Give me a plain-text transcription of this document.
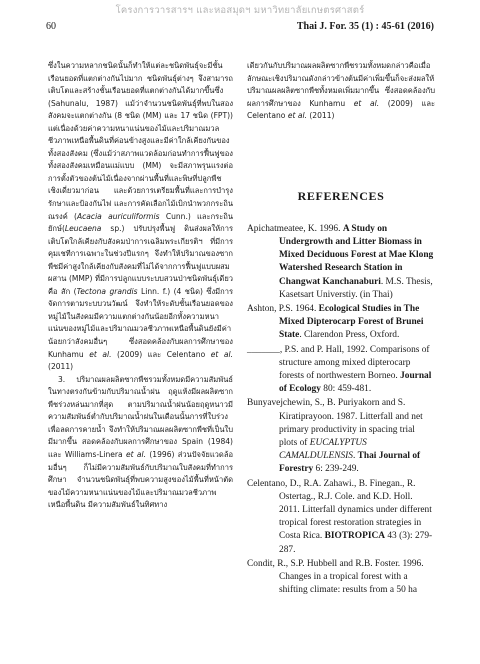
โครงการวารสารฯ และหอสมุดฯ มหาวิทยาลัยเกษตรศาสตร์
60	Thai J. For. 35 (1) : 45-61 (2016)

ซึ่งในความหลากชนิดนั้นก็ทำให้แต่ละชนิดพันธุ์จะมีชั้นเรือนยอดที่แตกต่างกันไปมาก ชนิดพันธุ์ต่างๆ จึงสามารถเติบโตและสร้างชั้นเรือนยอดที่แตกต่างกันได้มากขึ้นซึ่ง (Sahunalu, 1987) แม้ว่าจำนวนชนิดพันธุ์ที่พบในสองสังคมจะแตกต่างกัน (8 ชนิด (MM) และ 17 ชนิด (FPT)) แต่เนื่องด้วยค่าความหนาแน่นของไม้และปริมาณมวลชีวภาพเหนือพื้นดินที่ค่อนข้างสูงและมีค่าใกล้เคียงกันของทั้งสองสังคม (ซึ่งแม้ว่าสภาพแวดล้อมก่อนทำการฟื้นฟูของทั้งสองสังคมเหมือนแม่แบบ (MM) จะมีสภาพรุนแรงต่อการตั้งตัวของต้นไม้เนื่องจากผ่านพื้นที่และพิษที่ปลูกพืชเชิงเดี่ยวมาก่อน และด้วยการเตรียมพื้นที่และการบำรุงรักษาและป้องกันไฟ และการคัดเลือกไม้เบิกนำพวกกระถินณรงค์ (Acacia auriculiformis Cunn.) และกระถินยักษ์(Leucaena sp.) ปรับปรุงพื้นฟู ดินส่งผลให้การเติบโตใกล้เคียงกับสังคมป่าการเฉลิมพระเกียรติฯ ที่มีการคุมเชทีการเฉพาะในช่วงปีแรกๆ จึงทำให้ปริมาณของซากพืชมีค่าสูงใกล้เคียงกับสังคมที่ไม่ได้จากการฟื้นฟูแบบผสมผสาน (MMP) ที่มีการปลูกแบบระบบสวนป่าชนิดพันธุ์เดียว คือ สัก (Tectona grandis Linn. f.) (4 ชนิด) ซึ่งมีการจัดการตามระบบวนวัฒน์ จึงทำให้ระดับชั้นเรือนยอดของหมู่ไม้ในสังคมมีความแตกต่างกันน้อยอีกทั้งความหนาแน่นของหมู่ไม้และปริมาณมวลชีวภาพเหนือพื้นดินยังมีค่าน้อยกว่าสังคมอื่นๆ ซึ่งสอดคล้องกับผลการศึกษาของ Kunhamu et al. (2009) และ Celentano et al. (2011)

3. ปริมาณผลผลิตซากพืชรวมทั้งหมดมีความสัมพันธ์ในทางตรงกันข้ามกับปริมาณน้ำฝน ฤดูแห้งมีผลผลิตซากพืชร่วงหล่นมากที่สุด ตามปริมาณน้ำฝนน้อยฤดูหนาวมีความสัมพันธ์ต่ำกับปริมาณน้ำฝนในเดือนนั้นการที่ใบร่วงเพื่อลดการคายน้ำ จึงทำให้ปริมาณผลผลิตซากพืชที่เป็นใบมีมากขึ้น สอดคล้องกับผลการศึกษาของ Spain (1984) และ Williams-Linera et al. (1996) ส่วนปัจจัยแวดล้อมอื่นๆ ก็ไม่มีความสัมพันธ์กับปริมาณใบสังคมที่ทำการศึกษา จำนวนชนิดพันธุ์ที่พบความสูงของไม้พื้นที่หน้าตัดของไม้ความหนาแน่นของไม้และปริมาณมวลชีวภาพเหนือพื้นดิน มีความสัมพันธ์ในทิศทาง

เดียวกันกับปริมาณผลผลิตซากพืชรวมทั้งหมดกล่าวคือเมื่อลักษณะเชิงปริมาณดังกล่าวข้างต้นมีค่าเพิ่มขึ้นก็จะส่งผลให้ปริมาณผลผลิตซากพืชทั้งหมดเพิ่มมากขึ้น ซึ่งสอดคล้องกับผลการศึกษาของ Kunhamu et al. (2009) และ Celentano et al. (2011)

REFERENCES

Apichatmeatee, K. 1996. A Study on Undergrowth and Litter Biomass in Mixed Deciduous Forest at Mae Klong Watershed Research Station in Changwat Kanchanaburi. M.S. Thesis, Kasetsart Universtiy. (in Thai)

Ashton, P.S. 1964. Ecological Studies in The Mixed Dipterocarp Forest of Brunei State. Clarendon Press, Oxford.

_______, P.S. and P. Hall, 1992. Comparisons of structure among mixed dipterocarp forests of northwestern Borneo. Journal of Ecology 80: 459-481.

Bunyavejchewin, S., B. Puriyakorn and S. Kiratiprayoon. 1987. Litterfall and net primary productivity in spacing trial plots of EUCALYPTUS CAMALDULENSIS. Thai Journal of Forestry 6: 239-249.

Celentano, D., R.A. Zahawi., B. Finegan., R. Ostertag., R.J. Cole. and K.D. Holl. 2011. Litterfall dynamics under different tropical forest restoration strategies in Costa Rica. BIOTROPICA 43 (3): 279-287.

Condit, R., S.P. Hubbell and R.B. Foster. 1996. Changes in a tropical forest with a shifting climate: results from a 50 ha
